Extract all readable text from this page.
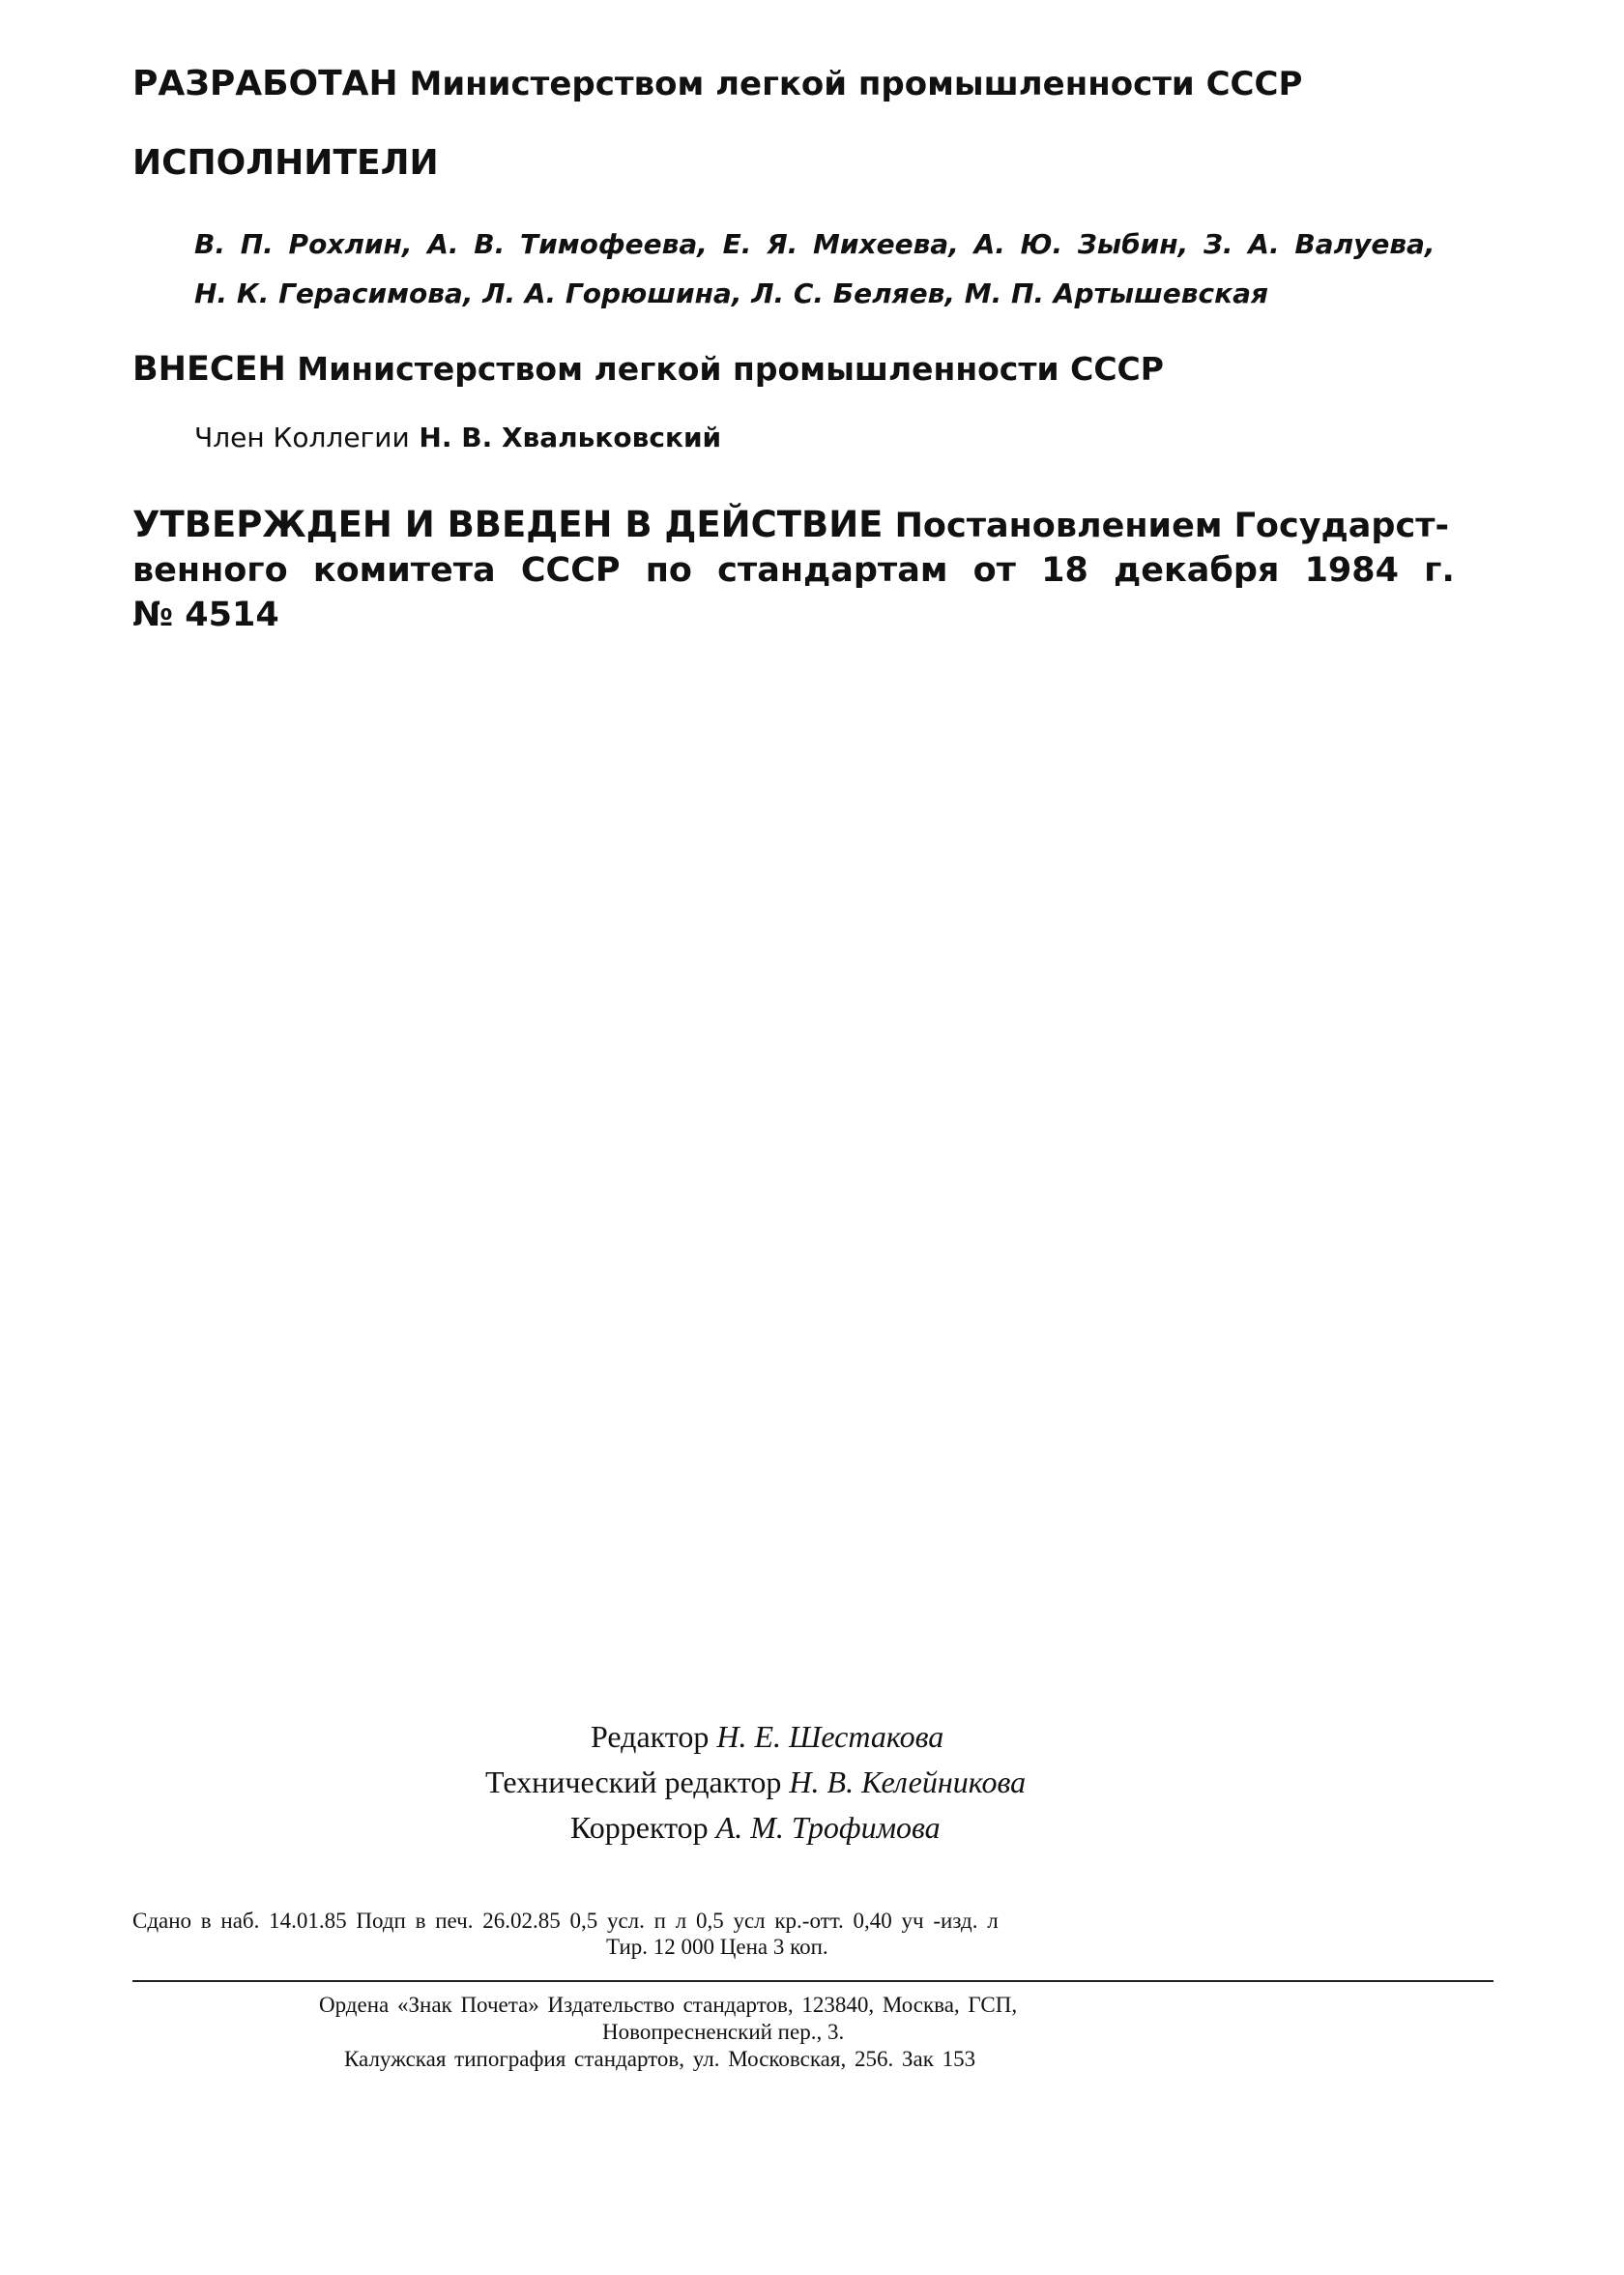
РАЗРАБОТАН Министерством легкой промышленности СССР
ИСПОЛНИТЕЛИ
В. П. Рохлин, А. В. Тимофеева, Е. Я. Михеева, А. Ю. Зыбин, З. А. Валуева,
Н. К. Герасимова, Л. А. Горюшина, Л. С. Беляев, М. П. Артышевская
ВНЕСЕН Министерством легкой промышленности СССР
Член Коллегии Н. В. Хвальковский
УТВЕРЖДЕН И ВВЕДЕН В ДЕЙСТВИЕ Постановлением Государст-
венного комитета СССР по стандартам от 18 декабря 1984 г.
№ 4514
Редактор Н. Е. Шестакова
Технический редактор Н. В. Келейникова
Корректор А. М. Трофимова
Сдано в наб. 14.01.85 Подп в печ. 26.02.85 0,5 усл. п л 0,5 усл кр.-отт. 0,40 уч -изд. л
Тир. 12 000 Цена 3 коп.
Ордена «Знак Почета» Издательство стандартов, 123840, Москва, ГСП,
Новопресненский пер., 3.
Калужская типография стандартов, ул. Московская, 256. Зак 153
